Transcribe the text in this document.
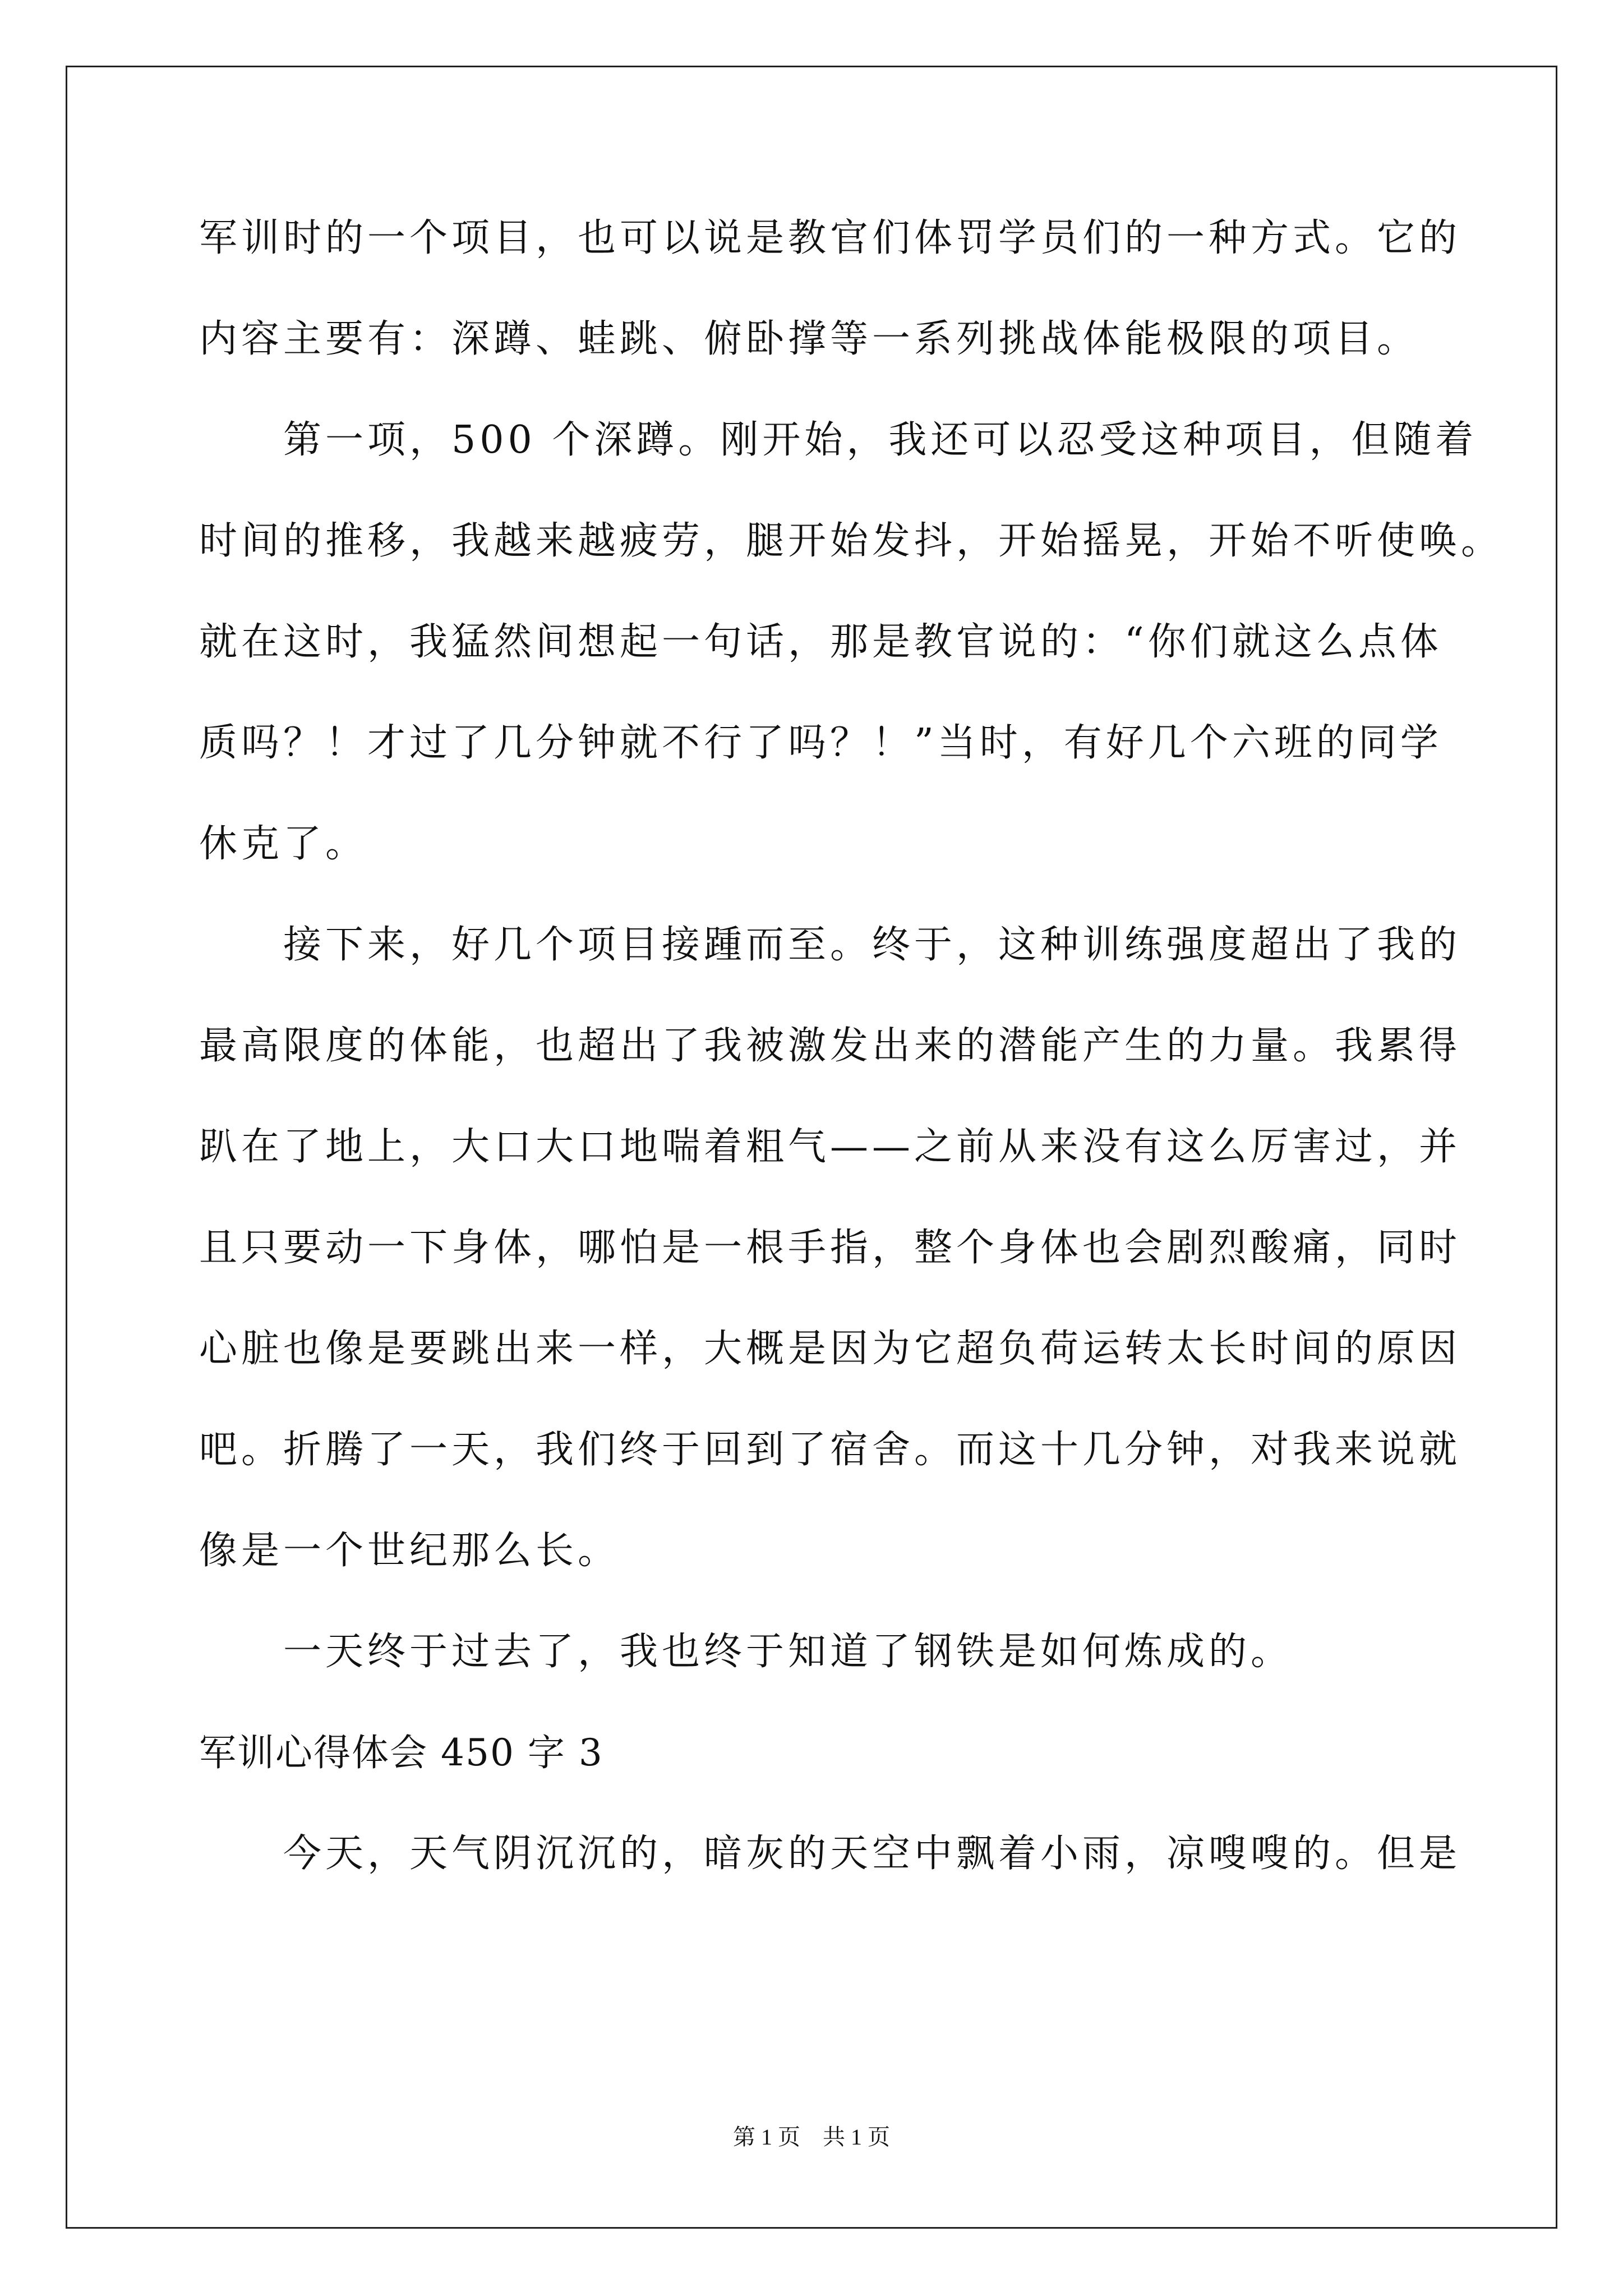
军训时的一个项目，也可以说是教官们体罚学员们的一种方式。它的
内容主要有：深蹲、蛙跳、俯卧撑等一系列挑战体能极限的项目。
第一项，500 个深蹲。刚开始，我还可以忍受这种项目，但随着
时间的推移，我越来越疲劳，腿开始发抖，开始摇晃，开始不听使唤。
就在这时，我猛然间想起一句话，那是教官说的：“你们就这么点体
质吗？！才过了几分钟就不行了吗？！”当时，有好几个六班的同学
休克了。
接下来，好几个项目接踵而至。终于，这种训练强度超出了我的
最高限度的体能，也超出了我被激发出来的潜能产生的力量。我累得
趴在了地上，大口大口地喘着粗气——之前从来没有这么厉害过，并
且只要动一下身体，哪怕是一根手指，整个身体也会剧烈酸痛，同时
心脏也像是要跳出来一样，大概是因为它超负荷运转太长时间的原因
吧。折腾了一天，我们终于回到了宿舍。而这十几分钟，对我来说就
像是一个世纪那么长。
一天终于过去了，我也终于知道了钢铁是如何炼成的。
军训心得体会 450 字 3
今天，天气阴沉沉的，暗灰的天空中飘着小雨，凉嗖嗖的。但是
第 1 页　共 1 页
